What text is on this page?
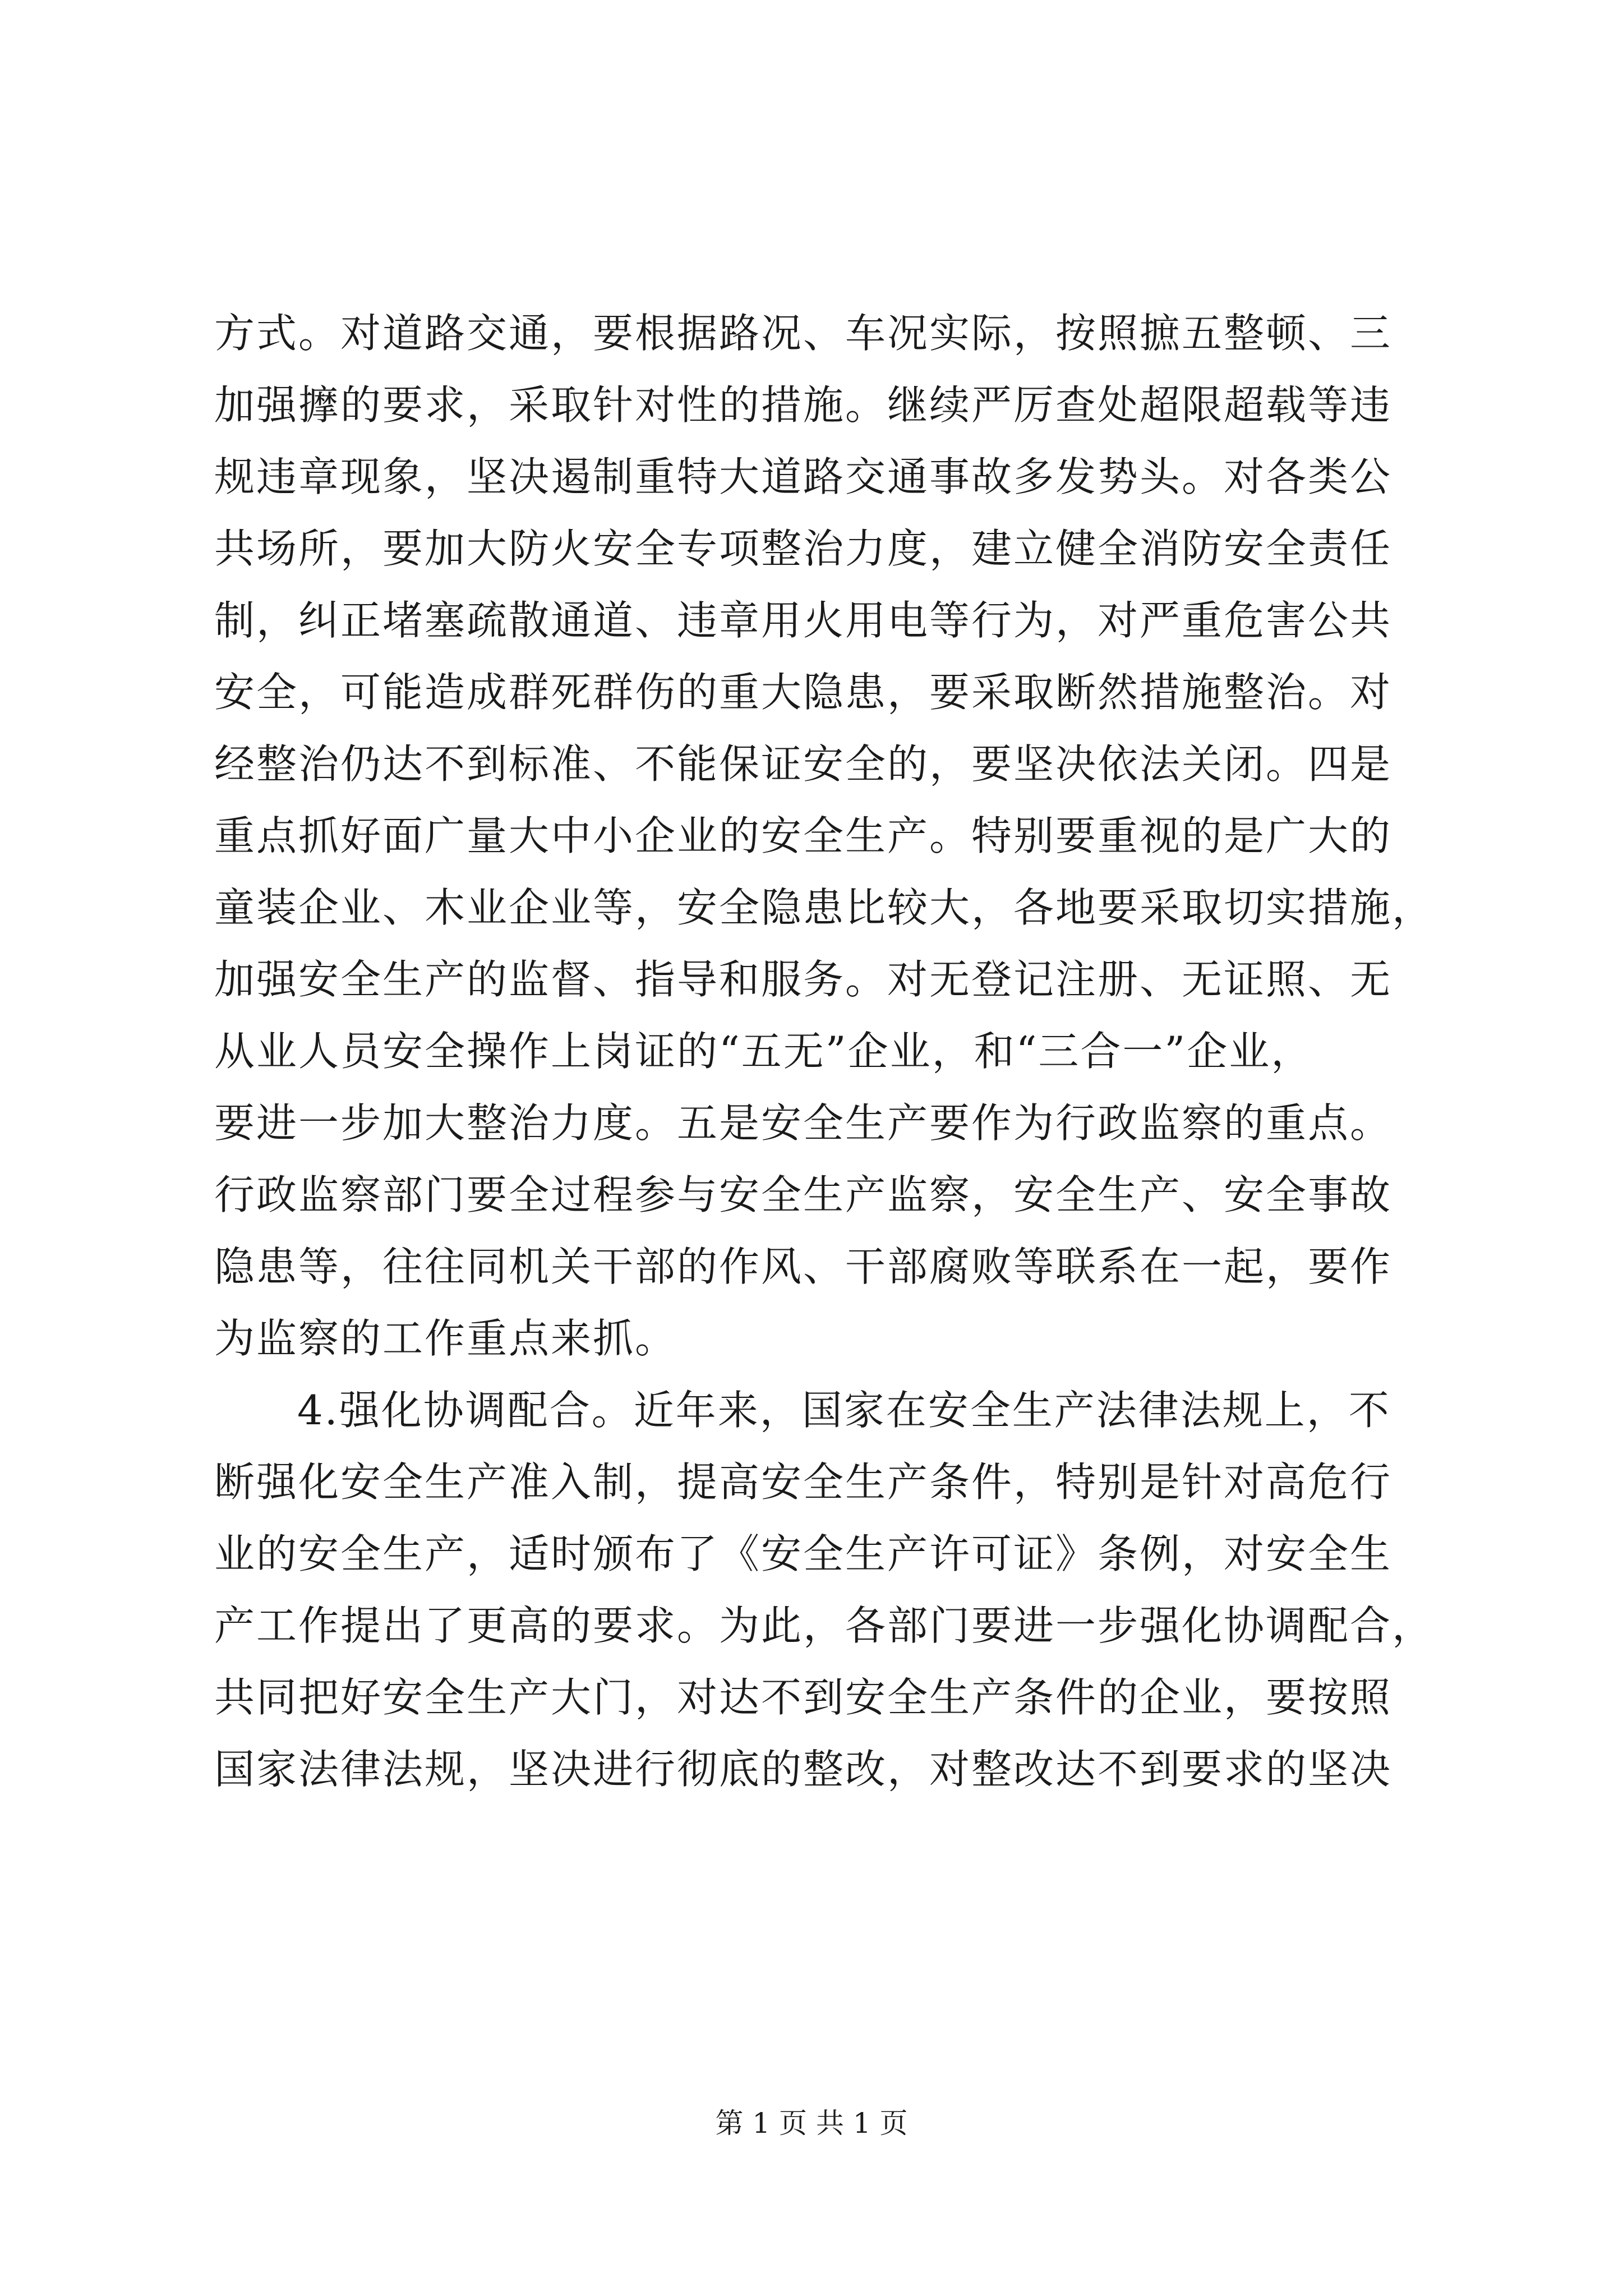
方式。对道路交通，要根据路况、车况实际，按照摭五整顿、三
加强擵的要求，采取针对性的措施。继续严厉查处超限超载等违
规违章现象，坚决遏制重特大道路交通事故多发势头。对各类公
共场所，要加大防火安全专项整治力度，建立健全消防安全责任
制，纠正堵塞疏散通道、违章用火用电等行为，对严重危害公共
安全，可能造成群死群伤的重大隐患，要采取断然措施整治。对
经整治仍达不到标准、不能保证安全的，要坚决依法关闭。四是
重点抓好面广量大中小企业的安全生产。特别要重视的是广大的
童装企业、木业企业等，安全隐患比较大，各地要采取切实措施，
加强安全生产的监督、指导和服务。对无登记注册、无证照、无
从业人员安全操作上岗证的“五无”企业，和“三合一”企业，
要进一步加大整治力度。五是安全生产要作为行政监察的重点。
行政监察部门要全过程参与安全生产监察，安全生产、安全事故
隐患等，往往同机关干部的作风、干部腐败等联系在一起，要作
为监察的工作重点来抓。
4.强化协调配合。近年来，国家在安全生产法律法规上，不
断强化安全生产准入制，提高安全生产条件，特别是针对高危行
业的安全生产，适时颁布了《安全生产许可证》条例，对安全生
产工作提出了更高的要求。为此，各部门要进一步强化协调配合，
共同把好安全生产大门，对达不到安全生产条件的企业，要按照
国家法律法规，坚决进行彻底的整改，对整改达不到要求的坚决
第 1 页 共 1 页
